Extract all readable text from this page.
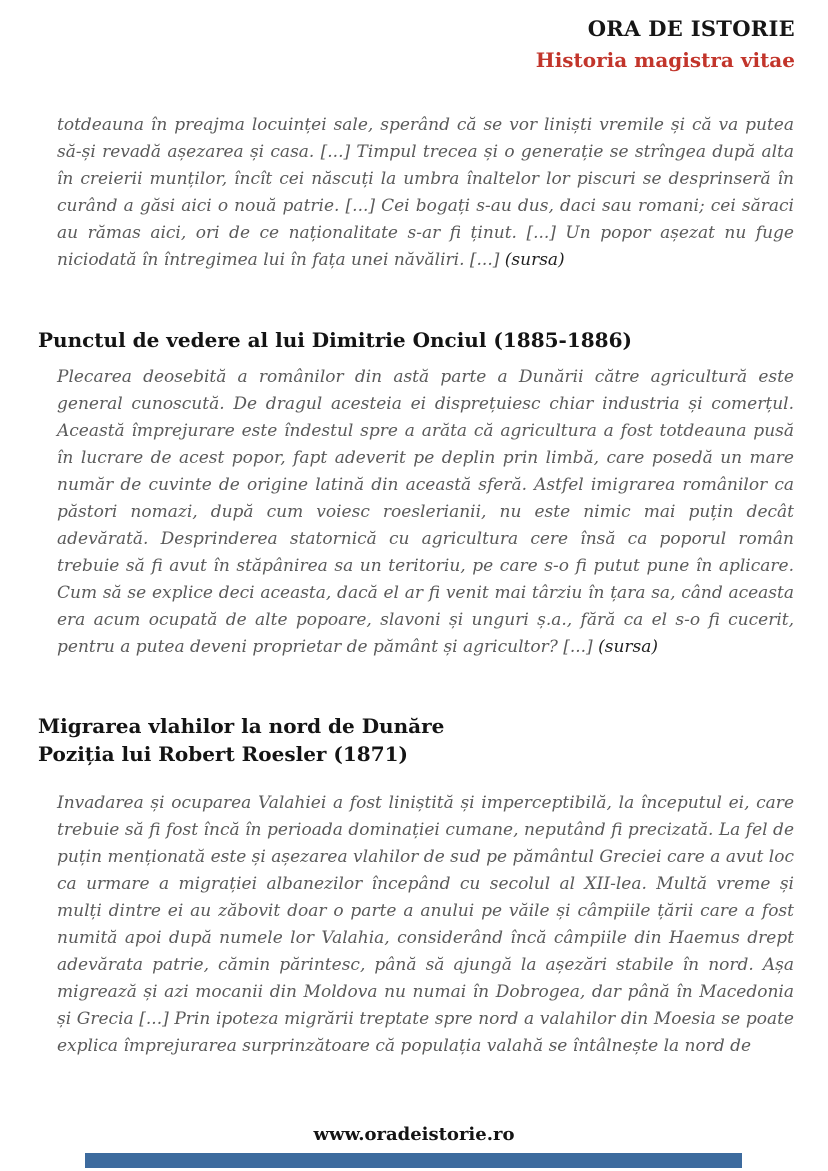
ORA DE ISTORIE
Historia magistra vitae

totdeauna în preajma locuinței sale, sperând că se vor liniști vremile și că va putea să-și revadă așezarea și casa. [...] Timpul trecea și o generație se strîngea după alta în creierii munților, încît cei născuți la umbra înaltelor lor piscuri se desprinseră în curând a găsi aici o nouă patrie. [...] Cei bogați s-au dus, daci sau romani; cei săraci au rămas aici, ori de ce naționalitate s-ar fi ținut. [...] Un popor așezat nu fuge niciodată în întregimea lui în fața unei năvăliri. [...] (sursa)

Punctul de vedere al lui Dimitrie Onciul (1885-1886)

Plecarea deosebită a românilor din astă parte a Dunării către agricultură este general cunoscută. De dragul acesteia ei disprețuiesc chiar industria și comerțul. Această împrejurare este îndestul spre a arăta că agricultura a fost totdeauna pusă în lucrare de acest popor, fapt adeverit pe deplin prin limbă, care posedă un mare număr de cuvinte de origine latină din această sferă. Astfel imigrarea românilor ca păstori nomazi, după cum voiesc roeslerianii, nu este nimic mai puțin decât adevărată. Desprinderea statornică cu agricultura cere însă ca poporul român trebuie să fi avut în stăpânirea sa un teritoriu, pe care s-o fi putut pune în aplicare. Cum să se explice deci aceasta, dacă el ar fi venit mai târziu în țara sa, când aceasta era acum ocupată de alte popoare, slavoni și unguri ș.a., fără ca el s-o fi cucerit, pentru a putea deveni proprietar de pământ și agricultor? [...] (sursa)

Migrarea vlahilor la nord de Dunăre
Poziția lui Robert Roesler (1871)

Invadarea și ocuparea Valahiei a fost liniștită și imperceptibilă, la începutul ei, care trebuie să fi fost încă în perioada dominației cumane, neputând fi precizată. La fel de puțin menționată este și așezarea vlahilor de sud pe pământul Greciei care a avut loc ca urmare a migrației albanezilor începând cu secolul al XII-lea. Multă vreme și mulți dintre ei au zăbovit doar o parte a anului pe văile și câmpiile țării care a fost numită apoi după numele lor Valahia, considerând încă câmpiile din Haemus drept adevărata patrie, cămin părintesc, până să ajungă la așezări stabile în nord. Așa migrează și azi mocanii din Moldova nu numai în Dobrogea, dar până în Macedonia și Grecia [...] Prin ipoteza migrării treptate spre nord a valahilor din Moesia se poate explica împrejurarea surprinzătoare că populația valahă se întâlnește la nord de

www.oradeistorie.ro
